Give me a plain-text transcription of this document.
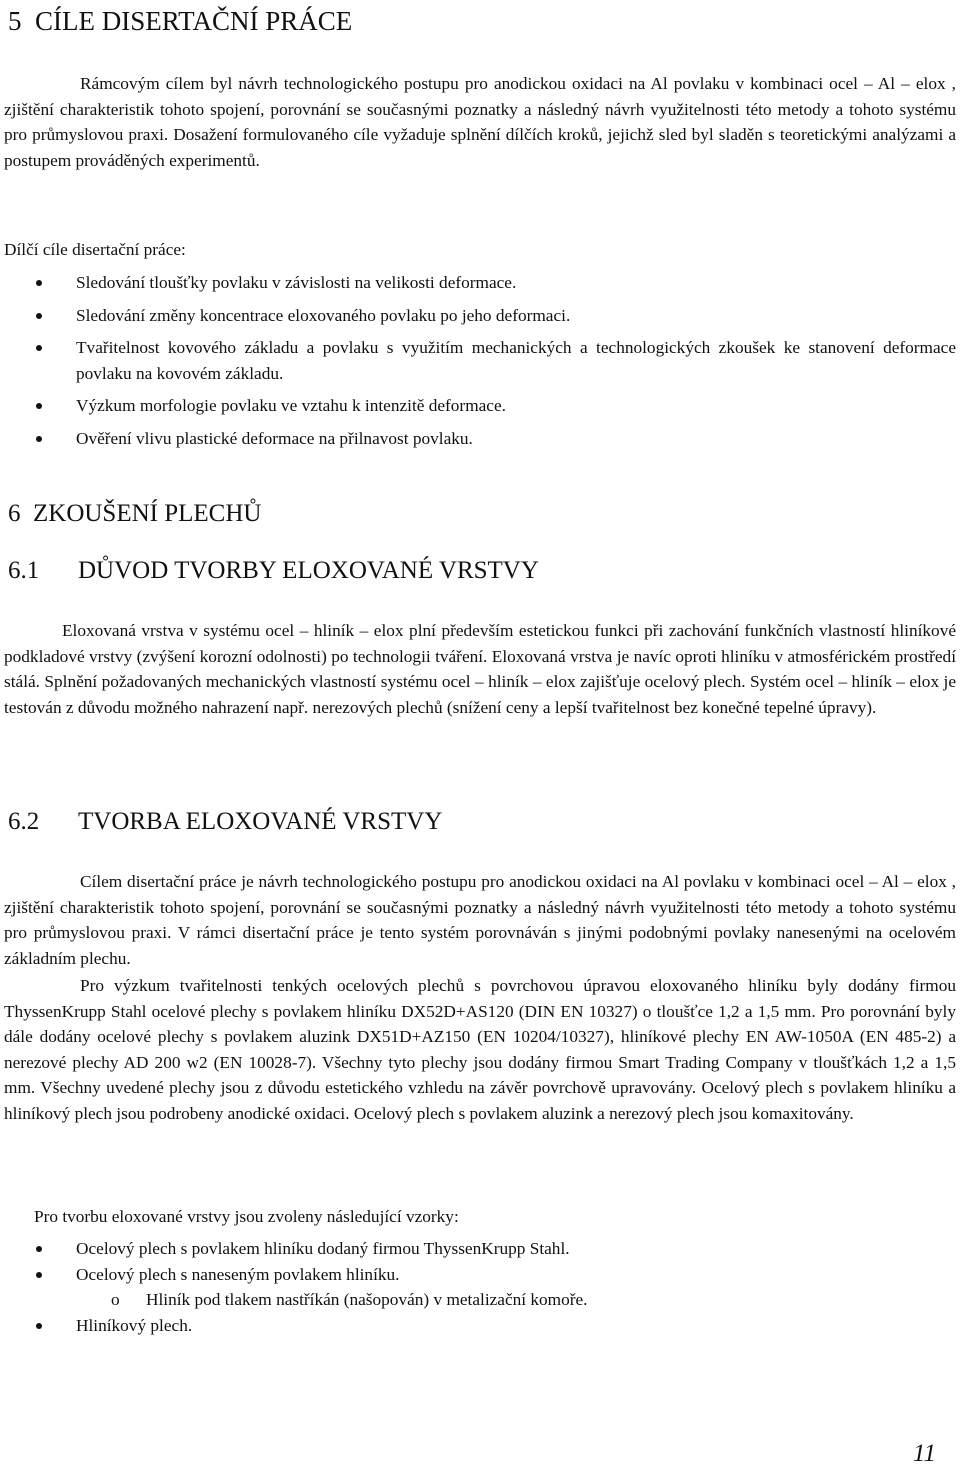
5 CÍLE DISERTAČNÍ PRÁCE

Rámcovým cílem byl návrh technologického postupu pro anodickou oxidaci na Al povlaku v kombinaci ocel – Al – elox , zjištění charakteristik tohoto spojení, porovnání se současnými poznatky a následný návrh využitelnosti této metody a tohoto systému pro průmyslovou praxi. Dosažení formulovaného cíle vyžaduje splnění dílčích kroků, jejichž sled byl sladěn s teoretickými analýzami a postupem prováděných experimentů.

Dílčí cíle disertační práce:

Sledování tloušťky povlaku v závislosti na velikosti deformace.
Sledování změny koncentrace eloxovaného povlaku po jeho deformaci.
Tvařitelnost kovového základu a povlaku s využitím mechanických a technologických zkoušek ke stanovení deformace povlaku na kovovém základu.
Výzkum morfologie povlaku ve vztahu k intenzitě deformace.
Ověření vlivu plastické deformace na přilnavost povlaku.
6 ZKOUŠENÍ PLECHŮ
6.1 DŮVOD TVORBY ELOXOVANÉ VRSTVY

Eloxovaná vrstva v systému ocel – hliník – elox plní především estetickou funkci při zachování funkčních vlastností hliníkové podkladové vrstvy (zvýšení korozní odolnosti) po technologii tváření. Eloxovaná vrstva je navíc oproti hliníku v atmosférickém prostředí stálá. Splnění požadovaných mechanických vlastností systému ocel – hliník – elox zajišťuje ocelový plech. Systém ocel – hliník – elox je testován z důvodu možného nahrazení např. nerezových plechů (snížení ceny a lepší tvařitelnost bez konečné tepelné úpravy).

6.2 TVORBA ELOXOVANÉ VRSTVY

Cílem disertační práce je návrh technologického postupu pro anodickou oxidaci na Al povlaku v kombinaci ocel – Al – elox , zjištění charakteristik tohoto spojení, porovnání se současnými poznatky a následný návrh využitelnosti této metody a tohoto systému pro průmyslovou praxi. V rámci disertační práce je tento systém porovnáván s jinými podobnými povlaky nanesenými na ocelovém základním plechu.

Pro výzkum tvařitelnosti tenkých ocelových plechů s povrchovou úpravou eloxovaného hliníku byly dodány firmou ThyssenKrupp Stahl ocelové plechy s povlakem hliníku DX52D+AS120 (DIN EN 10327) o tloušťce 1,2 a 1,5 mm. Pro porovnání byly dále dodány ocelové plechy s povlakem aluzink DX51D+AZ150 (EN 10204/10327), hliníkové plechy EN AW-1050A (EN 485-2) a nerezové plechy AD 200 w2 (EN 10028-7). Všechny tyto plechy jsou dodány firmou Smart Trading Company v tloušťkách 1,2 a 1,5 mm. Všechny uvedené plechy jsou z důvodu estetického vzhledu na závěr povrchově upravovány. Ocelový plech s povlakem hliníku a hliníkový plech jsou podrobeny anodické oxidaci. Ocelový plech s povlakem aluzink a nerezový plech jsou komaxitovány.

Pro tvorbu eloxované vrstvy jsou zvoleny následující vzorky:

Ocelový plech s povlakem hliníku dodaný firmou ThyssenKrupp Stahl.
Ocelový plech s naneseným povlakem hliníku.
o Hliník pod tlakem nastříkán (našopován) v metalizační komoře.
Hliníkový plech.
11
